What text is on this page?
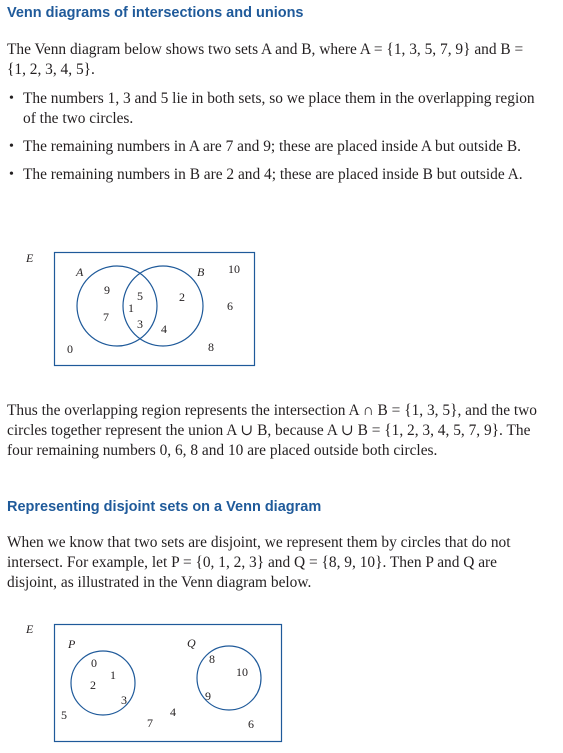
Venn diagrams of intersections and unions

The Venn diagram below shows two sets A and B, where A = {1, 3, 5, 7, 9} and B = {1, 2, 3, 4, 5}.

• The numbers 1, 3 and 5 lie in both sets, so we place them in the overlapping region of the two circles.
• The remaining numbers in A are 7 and 9; these are placed inside A but outside B.
• The remaining numbers in B are 2 and 4; these are placed inside B but outside A.
E
A	B
9
7
5
1
3
2
4
10
6
0	8

Thus the overlapping region represents the intersection A ∩ B = {1, 3, 5}, and the two circles together represent the union A ∪ B, because A ∪ B = {1, 2, 3, 4, 5, 7, 9}. The four remaining numbers 0, 6, 8 and 10 are placed outside both circles.

Representing disjoint sets on a Venn diagram

When we know that two sets are disjoint, we represent them by circles that do not intersect. For example, let P = {0, 1, 2, 3} and Q = {8, 9, 10}. Then P and Q are disjoint, as illustrated in the Venn diagram below.

E
P	Q
0
1
2
3
8
10
9
5
7
4
6
